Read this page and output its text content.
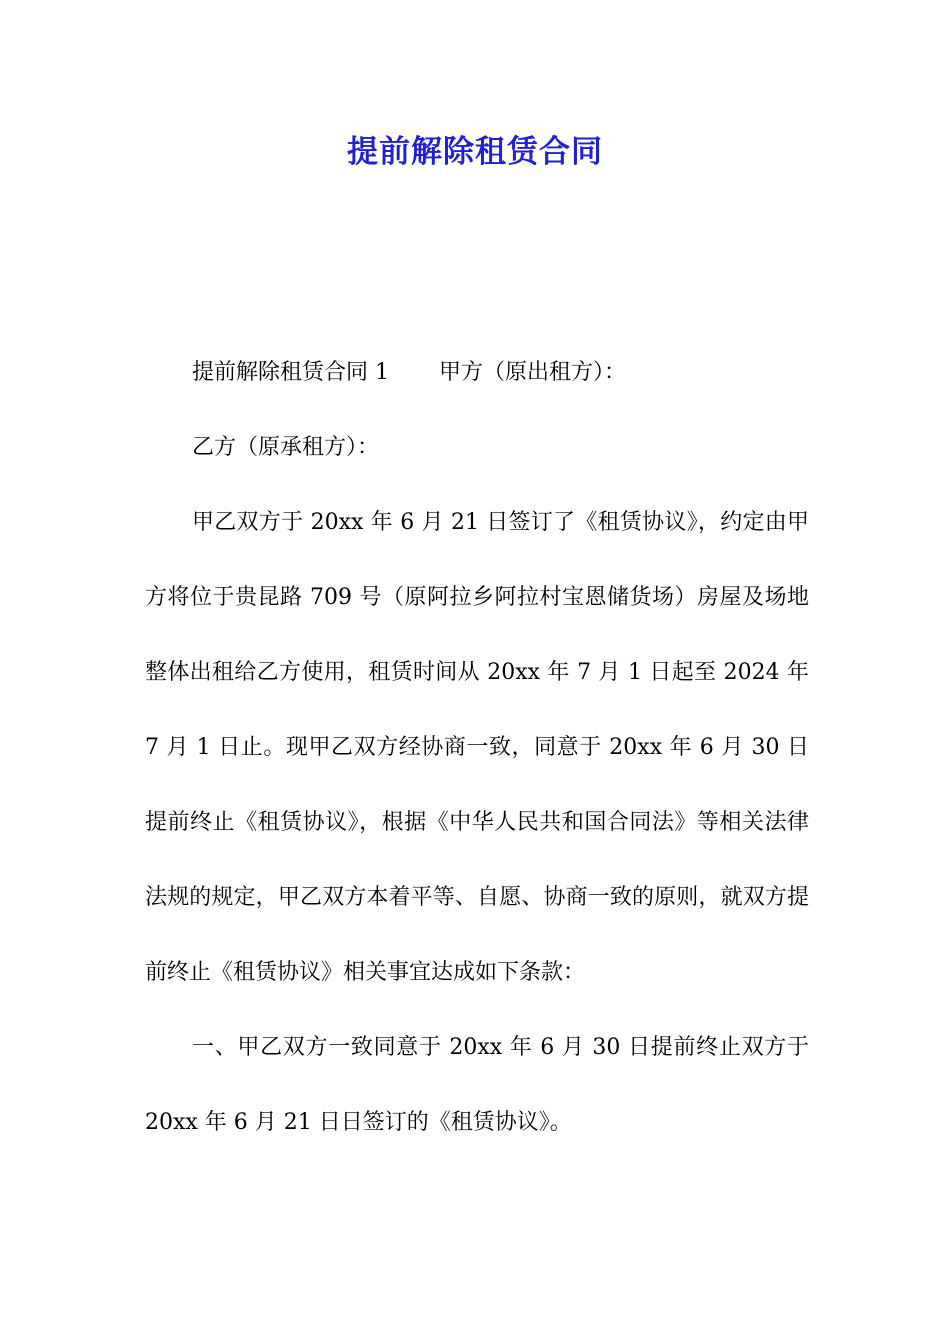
提前解除租赁合同

提前解除租赁合同 1 甲方（原出租方）：

乙方（原承租方）：

甲乙双方于 20xx 年 6 月 21 日签订了《租赁协议》，约定由甲方将位于贵昆路 709 号（原阿拉乡阿拉村宝恩储货场）房屋及场地整体出租给乙方使用，租赁时间从 20xx 年 7 月 1 日起至 2024 年 7 月 1 日止。现甲乙双方经协商一致，同意于 20xx 年 6 月 30 日提前终止《租赁协议》，根据《中华人民共和国合同法》等相关法律法规的规定，甲乙双方本着平等、自愿、协商一致的原则，就双方提前终止《租赁协议》相关事宜达成如下条款：

一、甲乙双方一致同意于 20xx 年 6 月 30 日提前终止双方于 20xx 年 6 月 21 日日签订的《租赁协议》。
